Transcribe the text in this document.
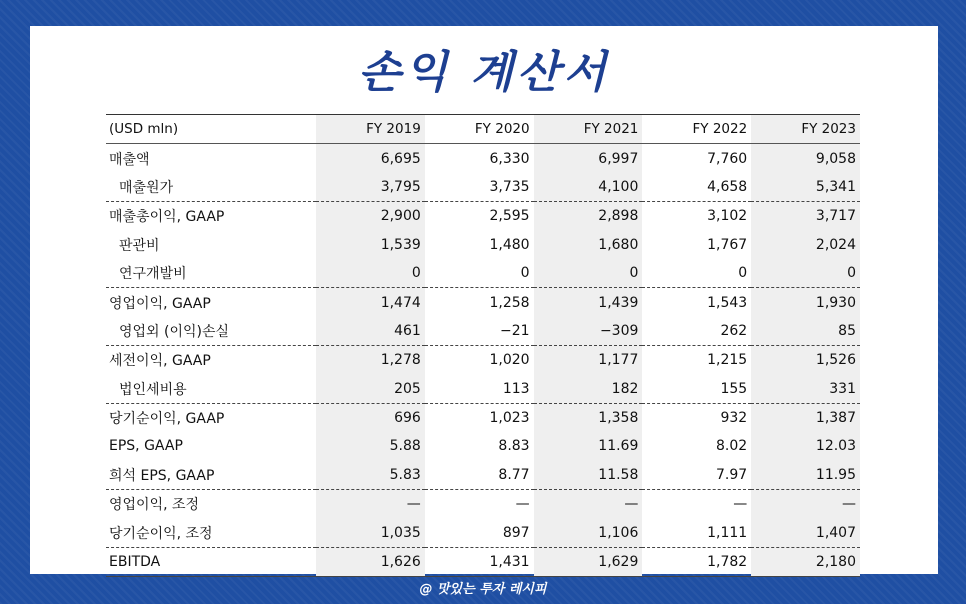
손익 계산서
(USD mln)	FY 2019	FY 2020	FY 2021	FY 2022	FY 2023
매출액	6,695	6,330	6,997	7,760	9,058
매출원가	3,795	3,735	4,100	4,658	5,341
매출총이익, GAAP	2,900	2,595	2,898	3,102	3,717
판관비	1,539	1,480	1,680	1,767	2,024
연구개발비	0	0	0	0	0
영업이익, GAAP	1,474	1,258	1,439	1,543	1,930
영업외 (이익)손실	461	−21	−309	262	85
세전이익, GAAP	1,278	1,020	1,177	1,215	1,526
법인세비용	205	113	182	155	331
당기순이익, GAAP	696	1,023	1,358	932	1,387
EPS, GAAP	5.88	8.83	11.69	8.02	12.03
희석 EPS, GAAP	5.83	8.77	11.58	7.97	11.95
영업이익, 조정	—	—	—	—	—
당기순이익, 조정	1,035	897	1,106	1,111	1,407
EBITDA	1,626	1,431	1,629	1,782	2,180
@ 맛있는 투자 레시피
